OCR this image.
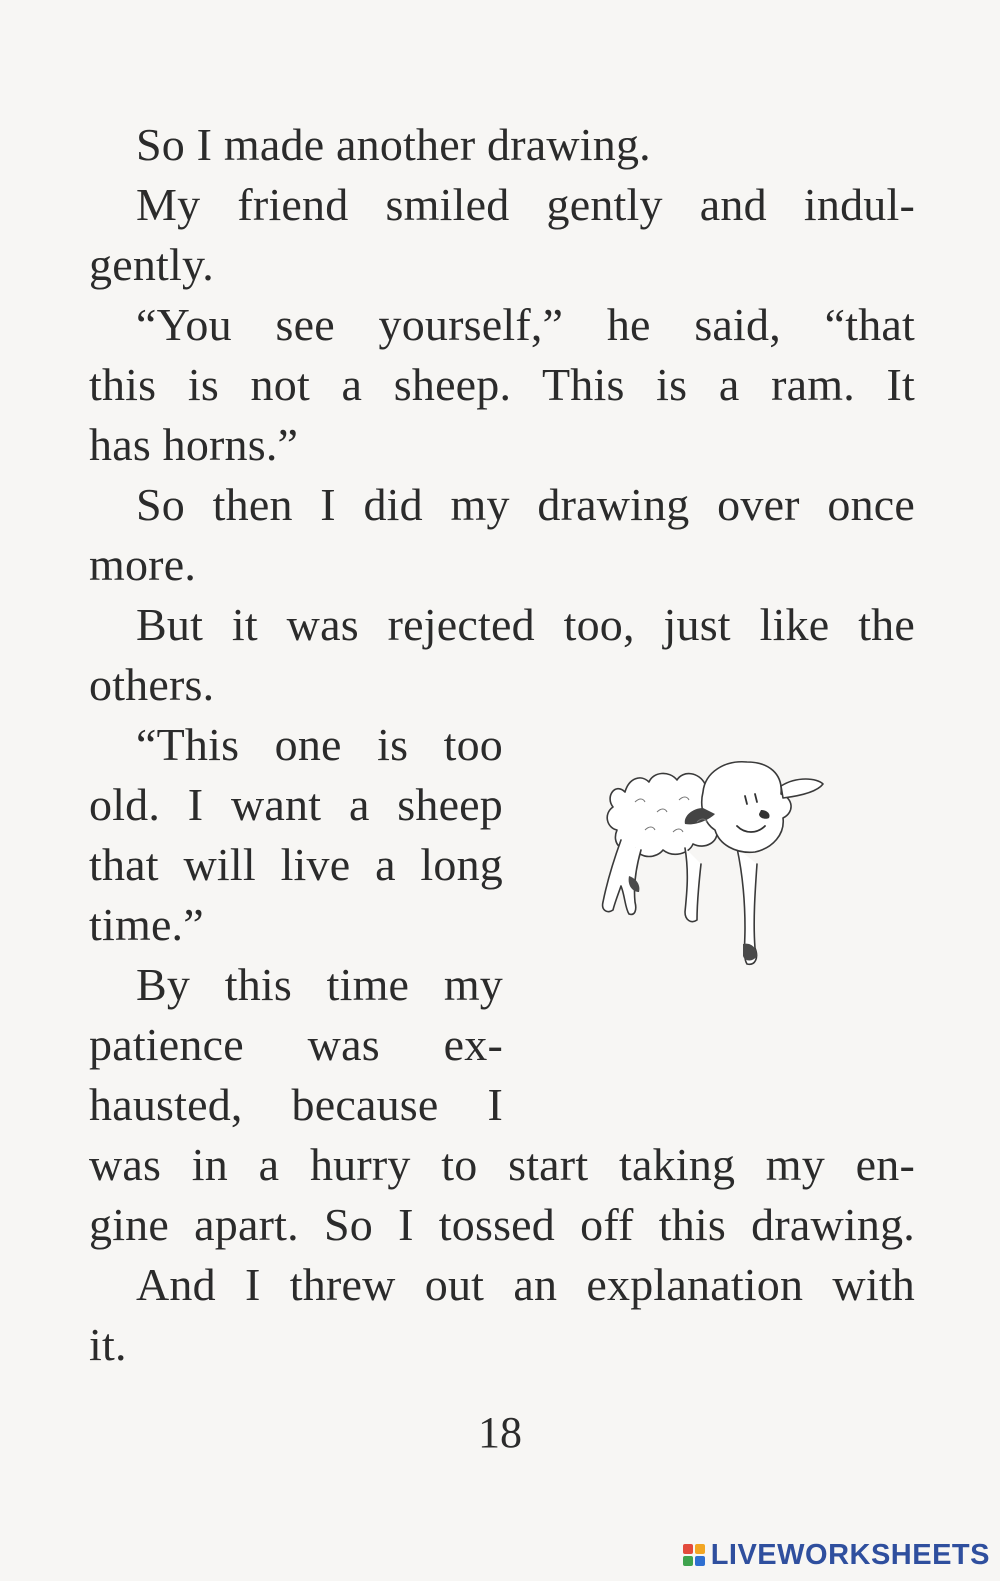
So I made another drawing.
My friend smiled gently and indul-
gently.
“You see yourself,” he said, “that
this is not a sheep. This is a ram. It
has horns.”
So then I did my drawing over once
more.
But it was rejected too, just like the
others.
“This one is too
old. I want a sheep
that will live a long
time.”
By this time my
patience was ex-
hausted, because I
was in a hurry to start taking my en-
gine apart. So I tossed off this drawing.
And I threw out an explanation with
it.
18
LIVEWORKSHEETS
